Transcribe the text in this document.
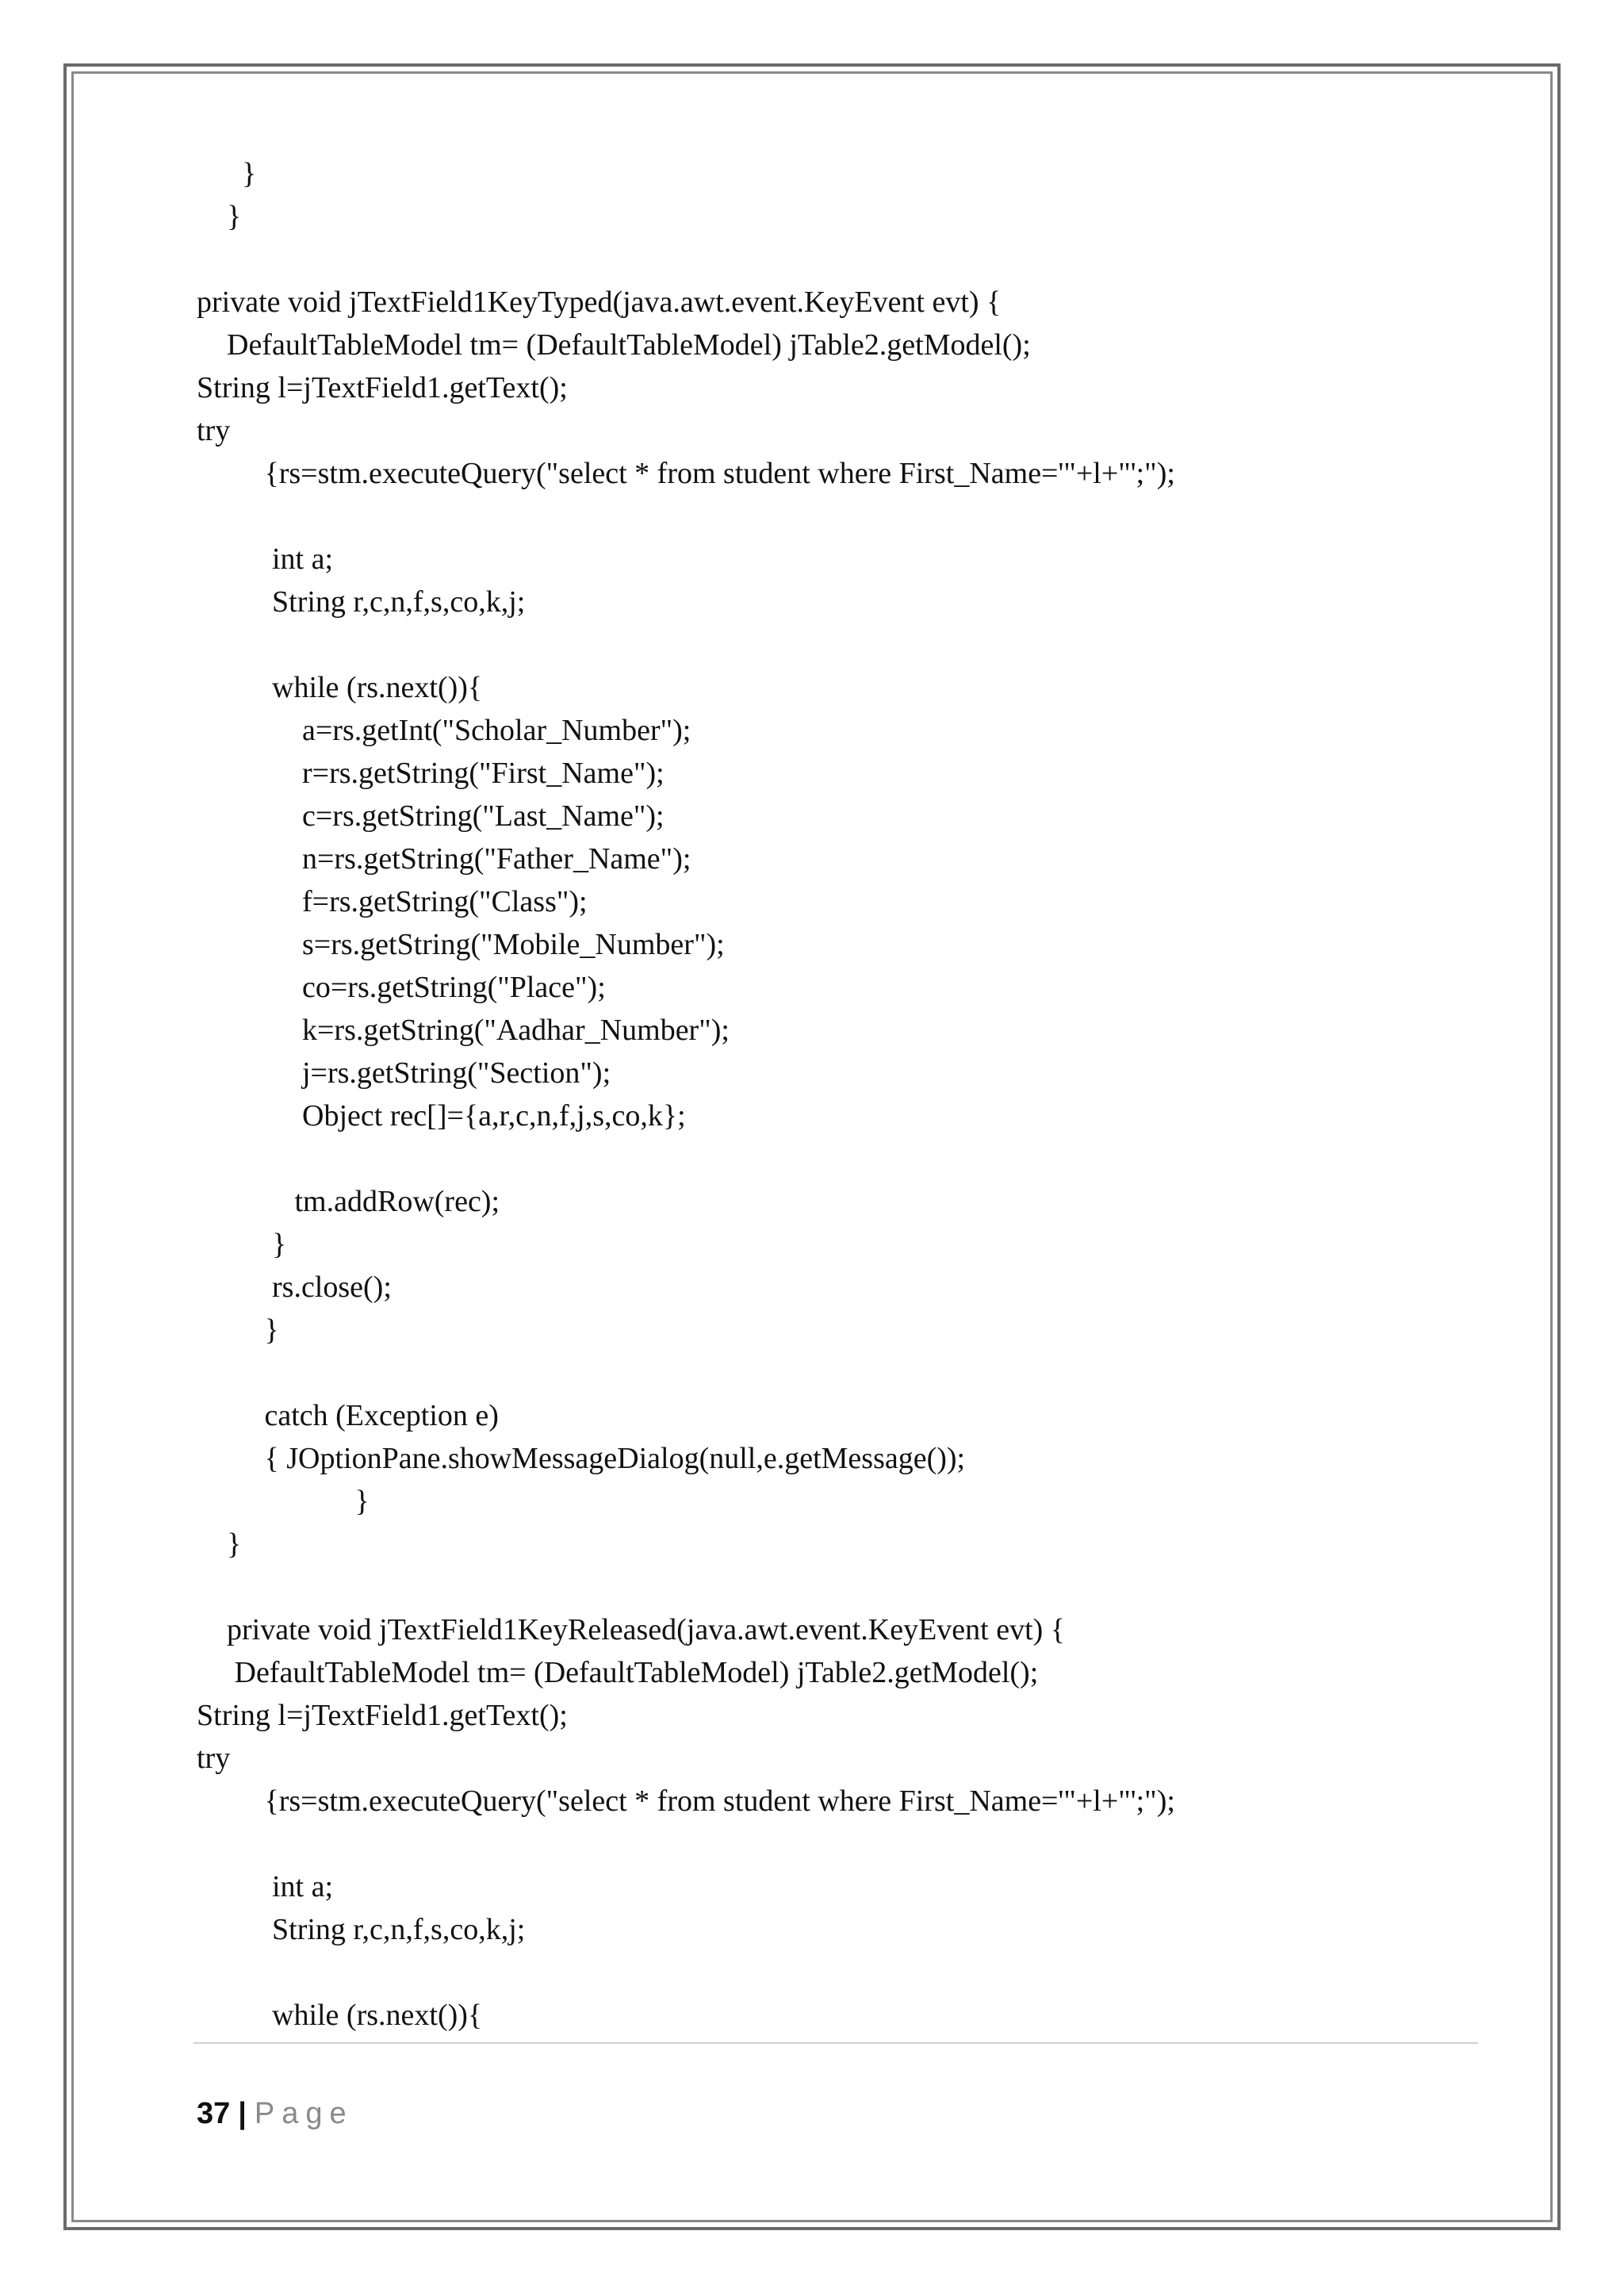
}
}
private void jTextField1KeyTyped(java.awt.event.KeyEvent evt) {
DefaultTableModel tm= (DefaultTableModel) jTable2.getModel();
String l=jTextField1.getText();
try
{rs=stm.executeQuery("select * from student where First_Name='"+l+"';");
int a;
String r,c,n,f,s,co,k,j;
while (rs.next()){
a=rs.getInt("Scholar_Number");
r=rs.getString("First_Name");
c=rs.getString("Last_Name");
n=rs.getString("Father_Name");
f=rs.getString("Class");
s=rs.getString("Mobile_Number");
co=rs.getString("Place");
k=rs.getString("Aadhar_Number");
j=rs.getString("Section");
Object rec[]={a,r,c,n,f,j,s,co,k};
tm.addRow(rec);
}
rs.close();
}
catch (Exception e)
{ JOptionPane.showMessageDialog(null,e.getMessage());
}
}
private void jTextField1KeyReleased(java.awt.event.KeyEvent evt) {
DefaultTableModel tm= (DefaultTableModel) jTable2.getModel();
String l=jTextField1.getText();
try
{rs=stm.executeQuery("select * from student where First_Name='"+l+"';");
int a;
String r,c,n,f,s,co,k,j;
while (rs.next()){
37 | Page
